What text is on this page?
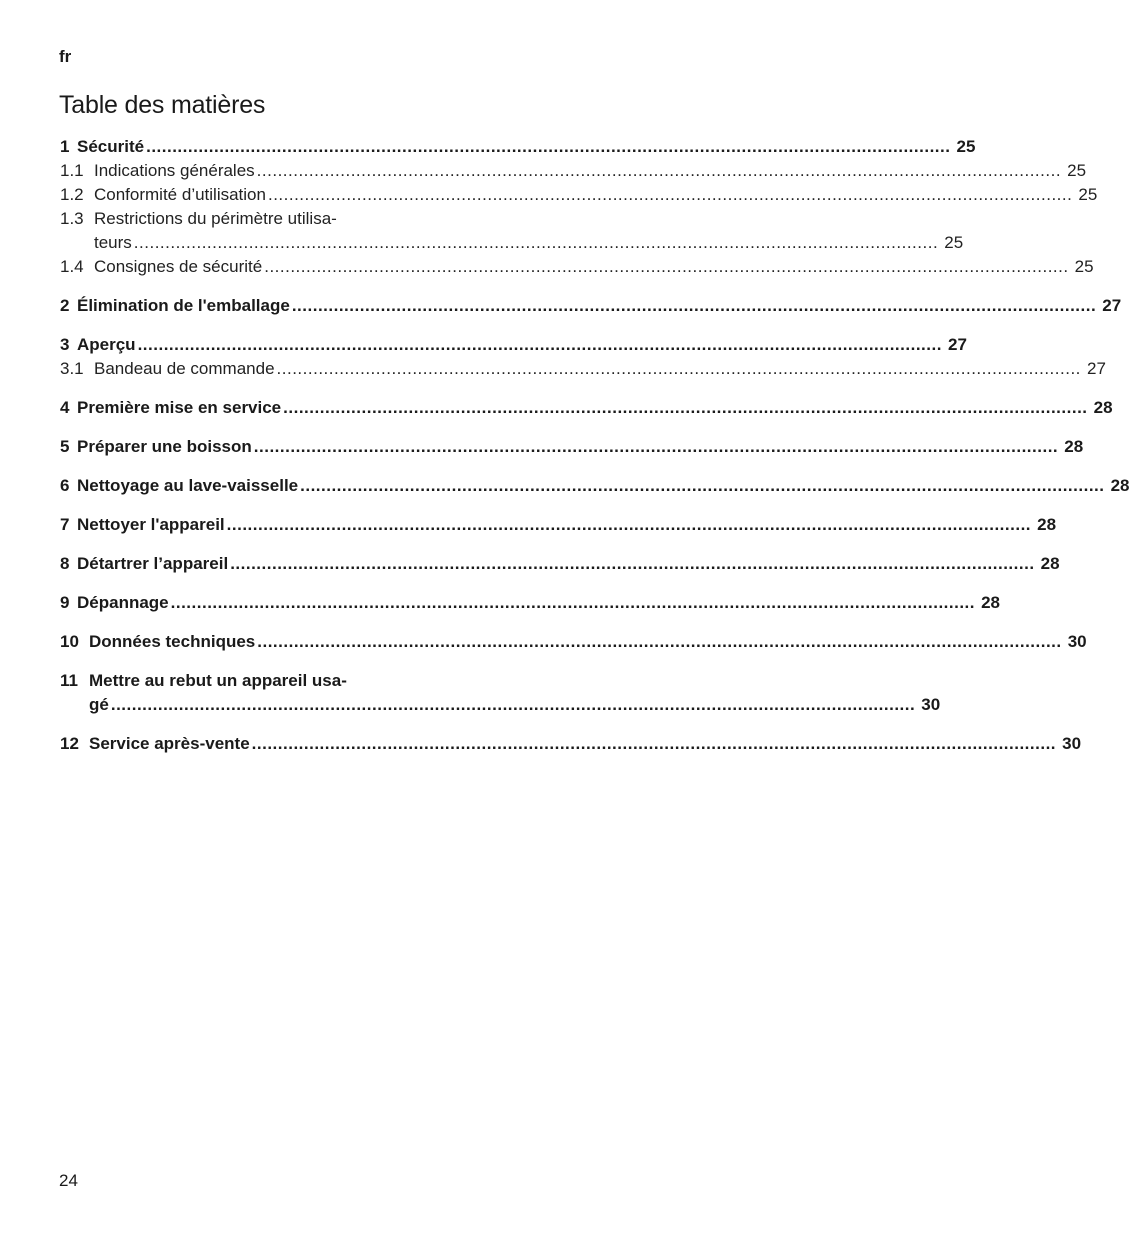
fr
Table des matières
1 Sécurité .....	25
1.1 Indications générales .....	25
1.2 Conformité d’utilisation .....	25
1.3 Restrictions du périmètre utilisa-
teurs .....	25
1.4 Consignes de sécurité .....	25
2 Élimination de l'emballage .....	27
3 Aperçu .....	27
3.1 Bandeau de commande .....	27
4 Première mise en service .....	28
5 Préparer une boisson .....	28
6 Nettoyage au lave-vaisselle .....	28
7 Nettoyer l'appareil .....	28
8 Détartrer l’appareil .....	28
9 Dépannage .....	28
10 Données techniques .....	30
11 Mettre au rebut un appareil usa-
gé .....	30
12 Service après-vente .....	30
24
